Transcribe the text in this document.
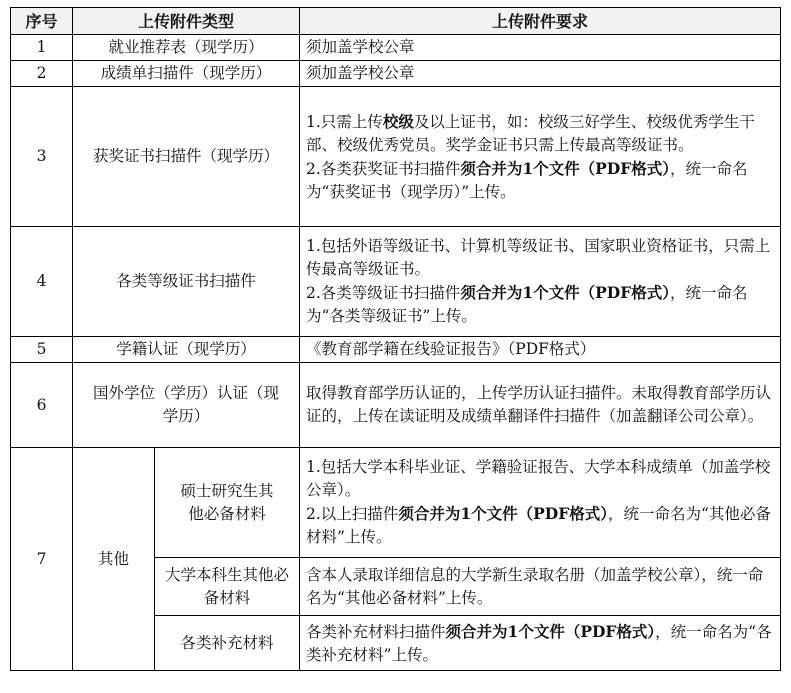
序号	上传附件类型		上传附件要求
1	就业推荐表（现学历）		须加盖学校公章
2	成绩单扫描件（现学历）		须加盖学校公章
3	获奖证书扫描件（现学历）		1.只需上传校级及以上证书，如：校级三好学生、校级优秀学生干部、校级优秀党员。奖学金证书只需上传最高等级证书。
2.各类获奖证书扫描件须合并为1个文件（PDF格式），统一命名为“获奖证书（现学历）”上传。

4	各类等级证书扫描件		1.包括外语等级证书、计算机等级证书、国家职业资格证书，只需上传最高等级证书。
2.各类等级证书扫描件须合并为1个文件（PDF格式），统一命名为“各类等级证书”上传。

5	学籍认证（现学历）		《教育部学籍在线验证报告》（PDF格式）
6	国外学位（学历）认证（现学历）		取得教育部学历认证的，上传学历认证扫描件。未取得教育部学历认证的，上传在读证明及成绩单翻译件扫描件（加盖翻译公司公章）。
7	其他	硕士研究生其他必备材料	1.包括大学本科毕业证、学籍验证报告、大学本科成绩单（加盖学校公章）。
2.以上扫描件须合并为1个文件（PDF格式），统一命名为“其他必备材料”上传。

		大学本科生其他必备材料	含本人录取详细信息的大学新生录取名册（加盖学校公章），统一命名为“其他必备材料”上传。
		各类补充材料	各类补充材料扫描件须合并为1个文件（PDF格式），统一命名为“各类补充材料”上传。
